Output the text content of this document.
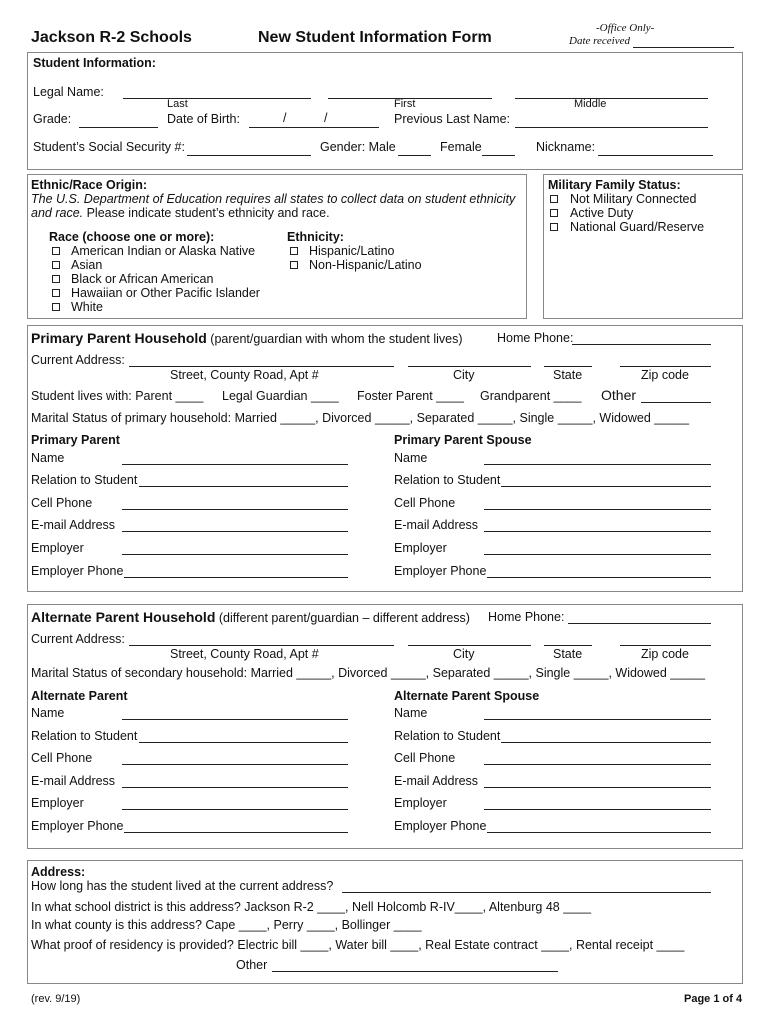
Jackson R-2 Schools	New Student Information Form
-Office Only-
Date received
Student Information:
Legal Name:
Last	First	Middle
Grade:	Date of Birth:	/	/	Previous Last Name:
Student’s Social Security #:	Gender: Male	Female	Nickname:
Ethnic/Race Origin:
The U.S. Department of Education requires all states to collect data on student ethnicity
and race. Please indicate student’s ethnicity and race.
Race (choose one or more):
American Indian or Alaska Native
Asian
Black or African American
Hawaiian or Other Pacific Islander
White
Ethnicity:
Hispanic/Latino
Non-Hispanic/Latino
Military Family Status:
Not Military Connected
Active Duty
National Guard/Reserve
Primary Parent Household (parent/guardian with whom the student lives)	Home Phone:
Current Address:
Street, County Road, Apt #	City	State	Zip code
Student lives with: Parent ____ Legal Guardian ____ Foster Parent ____ Grandparent ____ Other
Marital Status of primary household: Married _____, Divorced _____, Separated _____, Single _____, Widowed _____
Primary Parent	Primary Parent Spouse
Name	Name
Relation to Student	Relation to Student
Cell Phone	Cell Phone
E-mail Address	E-mail Address
Employer	Employer
Employer Phone	Employer Phone
Alternate Parent Household (different parent/guardian – different address) Home Phone:
Current Address:
Street, County Road, Apt #	City	State	Zip code
Marital Status of secondary household: Married _____, Divorced _____, Separated _____, Single _____, Widowed _____
Alternate Parent	Alternate Parent Spouse
Name	Name
Relation to Student	Relation to Student
Cell Phone	Cell Phone
E-mail Address	E-mail Address
Employer	Employer
Employer Phone	Employer Phone
Address:
How long has the student lived at the current address?
In what school district is this address? Jackson R-2 ____, Nell Holcomb R-IV____, Altenburg 48 ____
In what county is this address? Cape ____, Perry ____, Bollinger ____
What proof of residency is provided? Electric bill ____, Water bill ____, Real Estate contract ____, Rental receipt ____
Other
(rev. 9/19)	Page 1 of 4
